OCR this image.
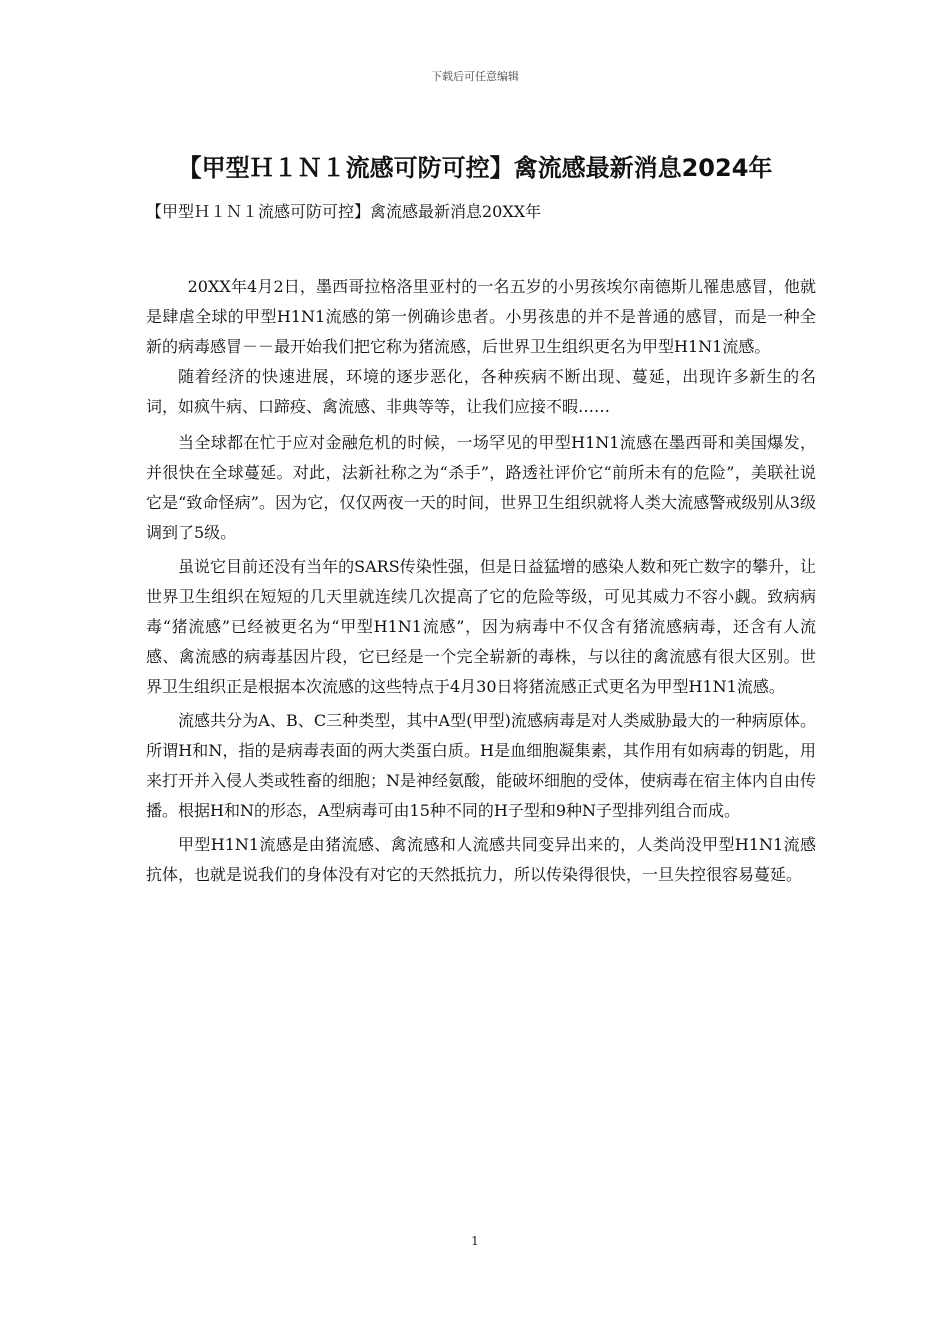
下载后可任意编辑
【甲型Ｈ１Ｎ１流感可防可控】禽流感最新消息2024年
【甲型Ｈ１Ｎ１流感可防可控】禽流感最新消息20XX年

20XX年4月2日，墨西哥拉格洛里亚村的一名五岁的小男孩埃尔南德斯儿罹患感冒，他就是肆虐全球的甲型H1N1流感的第一例确诊患者。小男孩患的并不是普通的感冒，而是一种全新的病毒感冒－－最开始我们把它称为猪流感，后世界卫生组织更名为甲型H1N1流感。

随着经济的快速进展，环境的逐步恶化，各种疾病不断出现、蔓延，出现许多新生的名词，如疯牛病、口蹄疫、禽流感、非典等等，让我们应接不暇……

当全球都在忙于应对金融危机的时候，一场罕见的甲型H1N1流感在墨西哥和美国爆发，并很快在全球蔓延。对此，法新社称之为“杀手”，路透社评价它“前所未有的危险”，美联社说它是“致命怪病”。因为它，仅仅两夜一天的时间，世界卫生组织就将人类大流感警戒级别从3级调到了5级。

虽说它目前还没有当年的SARS传染性强，但是日益猛增的感染人数和死亡数字的攀升，让世界卫生组织在短短的几天里就连续几次提高了它的危险等级，可见其威力不容小觑。致病病毒“猪流感”已经被更名为“甲型H1N1流感”，因为病毒中不仅含有猪流感病毒，还含有人流感、禽流感的病毒基因片段，它已经是一个完全崭新的毒株，与以往的禽流感有很大区别。世界卫生组织正是根据本次流感的这些特点于4月30日将猪流感正式更名为甲型H1N1流感。

流感共分为A、B、C三种类型，其中A型(甲型)流感病毒是对人类威胁最大的一种病原体。所谓H和N，指的是病毒表面的两大类蛋白质。H是血细胞凝集素，其作用有如病毒的钥匙，用来打开并入侵人类或牲畜的细胞；N是神经氨酸，能破坏细胞的受体，使病毒在宿主体内自由传播。根据H和N的形态，A型病毒可由15种不同的H子型和9种N子型排列组合而成。

甲型H1N1流感是由猪流感、禽流感和人流感共同变异出来的，人类尚没甲型H1N1流感抗体，也就是说我们的身体没有对它的天然抵抗力，所以传染得很快，一旦失控很容易蔓延。

1
